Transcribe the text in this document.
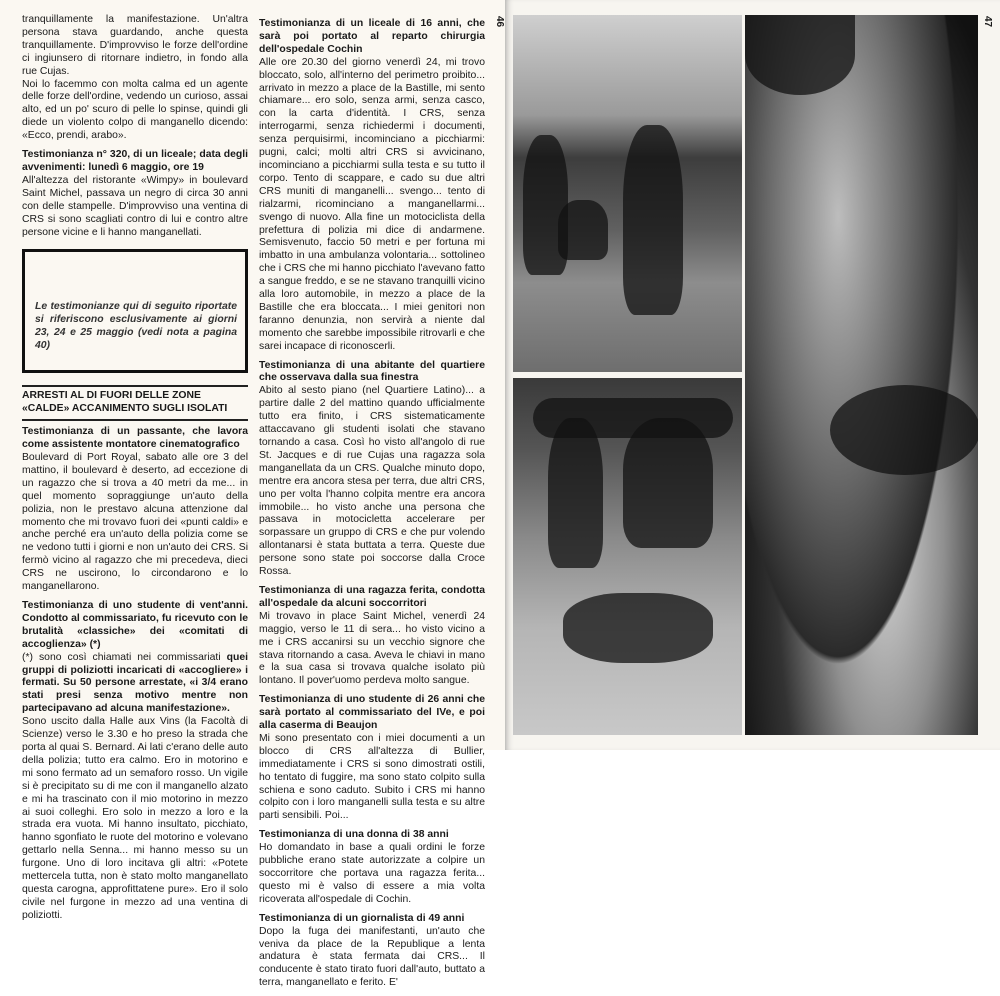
46	47

tranquillamente la manifestazione. Un'altra persona stava guardando, anche questa tranquillamente. D'improvviso le forze dell'ordine ci ingiunsero di ritornare indietro, in fondo alla rue Cujas.

Noi lo facemmo con molta calma ed un agente delle forze dell'ordine, vedendo un curioso, assai alto, ed un po' scuro di pelle lo spinse, quindi gli diede un violento colpo di manganello dicendo: «Ecco, prendi, arabo».

Testimonianza n° 320, di un liceale; data degli avvenimenti: lunedì 6 maggio, ore 19

All'altezza del ristorante «Wimpy» in boulevard Saint Michel, passava un negro di circa 30 anni con delle stampelle. D'improvviso una ventina di CRS si sono scagliati contro di lui e contro altre persone vicine e li hanno manganellati.

Le testimonianze qui di seguito riportate si riferiscono esclusivamente ai giorni 23, 24 e 25 maggio (vedi nota a pagina 40)

ARRESTI AL DI FUORI DELLE ZONE «CALDE» ACCANIMENTO SUGLI ISOLATI

Testimonianza di un passante, che lavora come assistente montatore cinematografico

Boulevard di Port Royal, sabato alle ore 3 del mattino, il boulevard è deserto, ad eccezione di un ragazzo che si trova a 40 metri da me... in quel momento sopraggiunge un'auto della polizia, non le prestavo alcuna attenzione dal momento che mi trovavo fuori dei «punti caldi» e anche perché era un'auto della polizia come se ne vedono tutti i giorni e non un'auto dei CRS. Si fermò vicino al ragazzo che mi precedeva, dieci CRS ne uscirono, lo circondarono e lo manganellarono.

Testimonianza di uno studente di vent'anni. Condotto al commissariato, fu ricevuto con le brutalità «classiche» dei «comitati di accoglienza» (*)

(*) sono così chiamati nei commissariati quei gruppi di poliziotti incaricati di «accogliere» i fermati. Su 50 persone arrestate, «i 3/4 erano stati presi senza motivo mentre non partecipavano ad alcuna manifestazione».

Sono uscito dalla Halle aux Vins (la Facoltà di Scienze) verso le 3.30 e ho preso la strada che porta al quai S. Bernard. Ai lati c'erano delle auto della polizia; tutto era calmo. Ero in motorino e mi sono fermato ad un semaforo rosso. Un vigile si è precipitato su di me con il manganello alzato e mi ha trascinato con il mio motorino in mezzo ai suoi colleghi. Ero solo in mezzo a loro e la strada era vuota. Mi hanno insultato, picchiato, hanno sgonfiato le ruote del motorino e volevano gettarlo nella Senna... mi hanno messo su un furgone. Uno di loro incitava gli altri: «Potete mettercela tutta, non è stato molto manganellato questa carogna, approfittatene pure». Ero il solo civile nel furgone in mezzo ad una ventina di poliziotti.

Testimonianza di un liceale di 16 anni, che sarà poi portato al reparto chirurgia dell'ospedale Cochin

Alle ore 20.30 del giorno venerdì 24, mi trovo bloccato, solo, all'interno del perimetro proibito... arrivato in mezzo a place de la Bastille, mi sento chiamare... ero solo, senza armi, senza casco, con la carta d'identità. I CRS, senza interrogarmi, senza richiedermi i documenti, senza perquisirmi, incominciano a picchiarmi: pugni, calci; molti altri CRS si avvicinano, incominciano a picchiarmi sulla testa e su tutto il corpo. Tento di scappare, e cado su due altri CRS muniti di manganelli... svengo... tento di rialzarmi, ricominciano a manganellarmi... svengo di nuovo. Alla fine un motociclista della prefettura di polizia mi dice di andarmene. Semisvenuto, faccio 50 metri e per fortuna mi imbatto in una ambulanza volontaria... sottolineo che i CRS che mi hanno picchiato l'avevano fatto a sangue freddo, e se ne stavano tranquilli vicino alla loro automobile, in mezzo a place de la Bastille che era bloccata... I miei genitori non faranno denunzia, non servirà a niente dal momento che sarebbe impossibile ritrovarli e che sarei incapace di riconoscerli.

Testimonianza di una abitante del quartiere che osservava dalla sua finestra

Abito al sesto piano (nel Quartiere Latino)... a partire dalle 2 del mattino quando ufficialmente tutto era finito, i CRS sistematicamente attaccavano gli studenti isolati che stavano tornando a casa. Così ho visto all'angolo di rue St. Jacques e di rue Cujas una ragazza sola manganellata da un CRS. Qualche minuto dopo, mentre era ancora stesa per terra, due altri CRS, uno per volta l'hanno colpita mentre era ancora immobile... ho visto anche una persona che passava in motocicletta accelerare per sorpassare un gruppo di CRS e che pur volendo allontanarsi è stata buttata a terra. Queste due persone sono state poi soccorse dalla Croce Rossa.

Testimonianza di una ragazza ferita, condotta all'ospedale da alcuni soccorritori

Mi trovavo in place Saint Michel, venerdì 24 maggio, verso le 11 di sera... ho visto vicino a me i CRS accanirsi su un vecchio signore che stava ritornando a casa. Aveva le chiavi in mano e la sua casa si trovava qualche isolato più lontano. Il pover'uomo perdeva molto sangue.

Testimonianza di uno studente di 26 anni che sarà portato al commissariato del IVe, e poi alla caserma di Beaujon

Mi sono presentato con i miei documenti a un blocco di CRS all'altezza di Bullier, immediatamente i CRS si sono dimostrati ostili, ho tentato di fuggire, ma sono stato colpito sulla schiena e sono caduto. Subito i CRS mi hanno colpito con i loro manganelli sulla testa e su altre parti sensibili. Poi...

Testimonianza di una donna di 38 anni

Ho domandato in base a quali ordini le forze pubbliche erano state autorizzate a colpire un soccorritore che portava una ragazza ferita... questo mi è valso di essere a mia volta ricoverata all'ospedale di Cochin.

Testimonianza di un giornalista di 49 anni

Dopo la fuga dei manifestanti, un'auto che veniva da place de la Republique a lenta andatura è stata fermata dai CRS... Il conducente è stato tirato fuori dall'auto, buttato a terra, manganellato e ferito. E'
